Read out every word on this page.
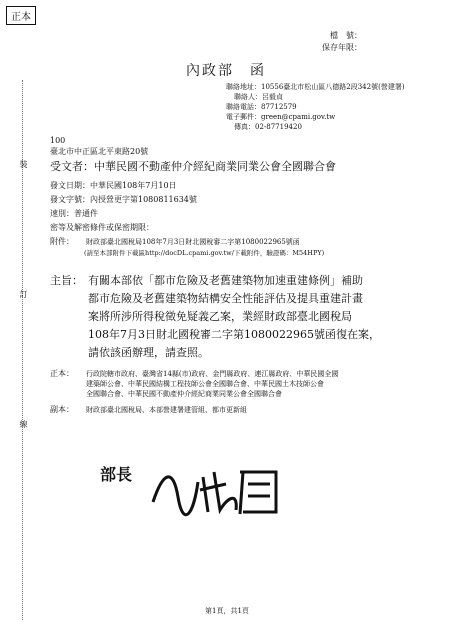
正本
檔　號：
保存年限：
內政部　函
聯絡地址：10556臺北市松山區八德路2段342號(營建署)
聯絡人：呂毅貞
聯絡電話：87712579
電子郵件：green@cpami.gov.tw
傳真：02-87719420
100
臺北市中正區北平東路20號
受文者：中華民國不動產仲介經紀商業同業公會全國聯合會
發文日期：中華民國108年7月10日
發文字號：內授營更字第1080811634號
速別：普通件
密等及解密條件或保密期限：
附件： 財政部臺北國稅局108年7月3日財北國稅審二字第1080022965號函
(請至本部附件下載區http://docDL.cpami.gov.tw/下載附件，驗證碼：M54HPY)
主旨： 有關本部依「都市危險及老舊建築物加速重建條例」補助
都市危險及老舊建築物結構安全性能評估及提具重建計畫
案將所涉所得稅徵免疑義乙案，業經財政部臺北國稅局
108年7月3日財北國稅審二字第1080022965號函復在案，
請依該函辦理，請查照。
正本： 行政院轄市政府、臺灣省14縣(市)政府、金門縣政府、連江縣政府、中華民國全國
建築師公會、中華民國結構工程技師公會全國聯合會、中華民國土木技師公會
全國聯合會、中華民國不動產仲介經紀商業同業公會全國聯合會
副本： 財政部臺北國稅局、本部營建署建管組、都市更新組
部長
裝
訂
線
第1頁，共1頁
